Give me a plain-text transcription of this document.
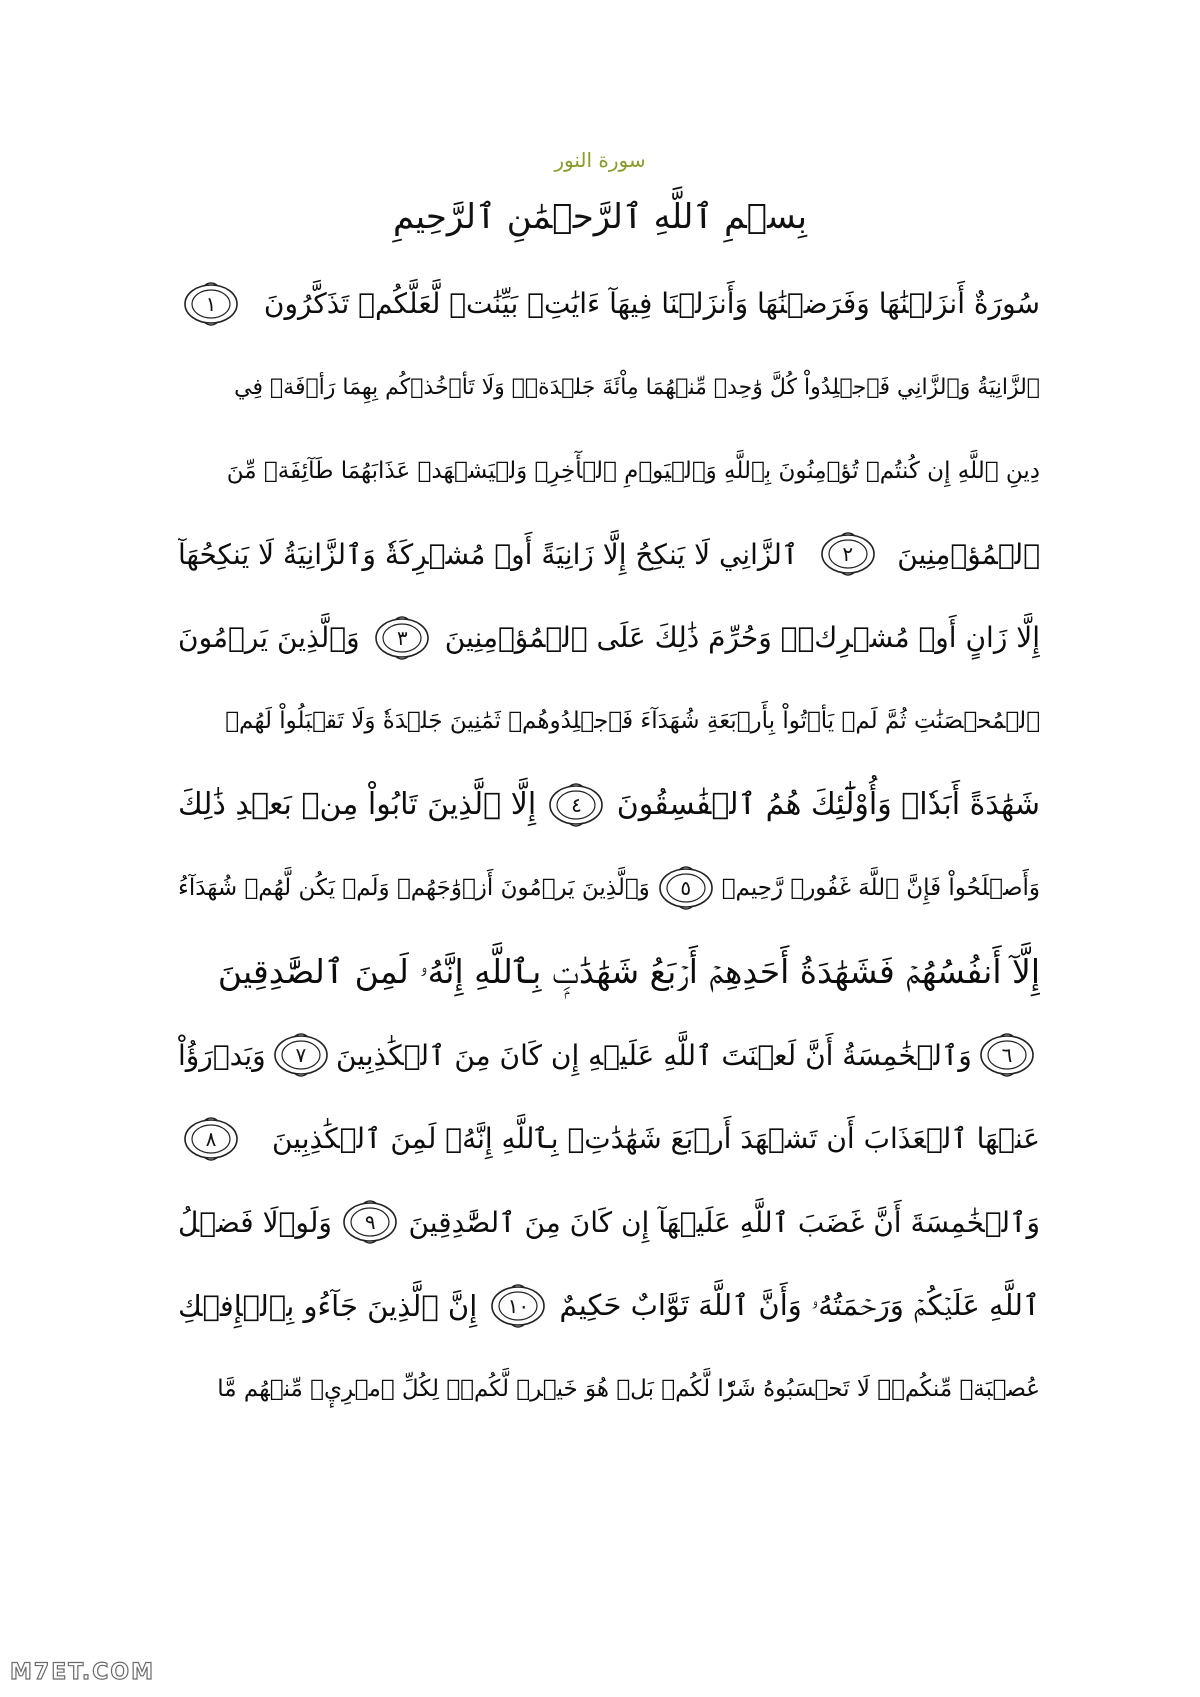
سورة النور
بِسۡمِ ٱللَّهِ ٱلرَّحۡمَٰنِ ٱلرَّحِيمِ
سُورَةٌ أَنزَلۡنَٰهَا وَفَرَضۡنَٰهَا وَأَنزَلۡنَا فِيهَآ ءَايَٰتِۭ بَيِّنَٰتٖ لَّعَلَّكُمۡ تَذَكَّرُونَ
١
ٱلزَّانِيَةُ وَٱلزَّانِي فَٱجۡلِدُواْ كُلَّ وَٰحِدٖ مِّنۡهُمَا مِاْئَةَ جَلۡدَةٖۖ وَلَا تَأۡخُذۡكُم بِهِمَا رَأۡفَةٞ فِي
دِينِ ٱللَّهِ إِن كُنتُمۡ تُؤۡمِنُونَ بِٱللَّهِ وَٱلۡيَوۡمِ ٱلۡأٓخِرِۖ وَلۡيَشۡهَدۡ عَذَابَهُمَا طَآئِفَةٞ مِّنَ
ٱلۡمُؤۡمِنِينَ
٢
ٱلزَّانِي لَا يَنكِحُ إِلَّا زَانِيَةً أَوۡ مُشۡرِكَةٗ وَٱلزَّانِيَةُ لَا يَنكِحُهَآ
إِلَّا زَانٍ أَوۡ مُشۡرِكٞۚ وَحُرِّمَ ذَٰلِكَ عَلَى ٱلۡمُؤۡمِنِينَ
٣
وَٱلَّذِينَ يَرۡمُونَ
ٱلۡمُحۡصَنَٰتِ ثُمَّ لَمۡ يَأۡتُواْ بِأَرۡبَعَةِ شُهَدَآءَ فَٱجۡلِدُوهُمۡ ثَمَٰنِينَ جَلۡدَةٗ وَلَا تَقۡبَلُواْ لَهُمۡ
شَهَٰدَةً أَبَدٗاۚ وَأُوْلَٰٓئِكَ هُمُ ٱلۡفَٰسِقُونَ
٤
إِلَّا ٱلَّذِينَ تَابُواْ مِنۢ بَعۡدِ ذَٰلِكَ
وَأَصۡلَحُواْ فَإِنَّ ٱللَّهَ غَفُورٞ رَّحِيمٞ
٥
وَٱلَّذِينَ يَرۡمُونَ أَزۡوَٰجَهُمۡ وَلَمۡ يَكُن لَّهُمۡ شُهَدَآءُ
إِلَّآ أَنفُسُهُمۡ فَشَهَٰدَةُ أَحَدِهِمۡ أَرۡبَعُ شَهَٰدَٰتِۭ بِٱللَّهِ إِنَّهُۥ لَمِنَ ٱلصَّٰدِقِينَ
٦
وَٱلۡخَٰمِسَةُ أَنَّ لَعۡنَتَ ٱللَّهِ عَلَيۡهِ إِن كَانَ مِنَ ٱلۡكَٰذِبِينَ
٧
وَيَدۡرَؤُاْ
عَنۡهَا ٱلۡعَذَابَ أَن تَشۡهَدَ أَرۡبَعَ شَهَٰدَٰتِۭ بِٱللَّهِ إِنَّهُۥ لَمِنَ ٱلۡكَٰذِبِينَ
٨
وَٱلۡخَٰمِسَةَ أَنَّ غَضَبَ ٱللَّهِ عَلَيۡهَآ إِن كَانَ مِنَ ٱلصَّٰدِقِينَ
٩
وَلَوۡلَا فَضۡلُ
ٱللَّهِ عَلَيۡكُمۡ وَرَحۡمَتُهُۥ وَأَنَّ ٱللَّهَ تَوَّابٌ حَكِيمٌ
١٠
إِنَّ ٱلَّذِينَ جَآءُو بِٱلۡإِفۡكِ
عُصۡبَةٞ مِّنكُمۡۚ لَا تَحۡسَبُوهُ شَرّٗا لَّكُمۖ بَلۡ هُوَ خَيۡرٞ لَّكُمۡۚ لِكُلِّ ٱمۡرِيٕٖ مِّنۡهُم مَّا
M7ET.COM
